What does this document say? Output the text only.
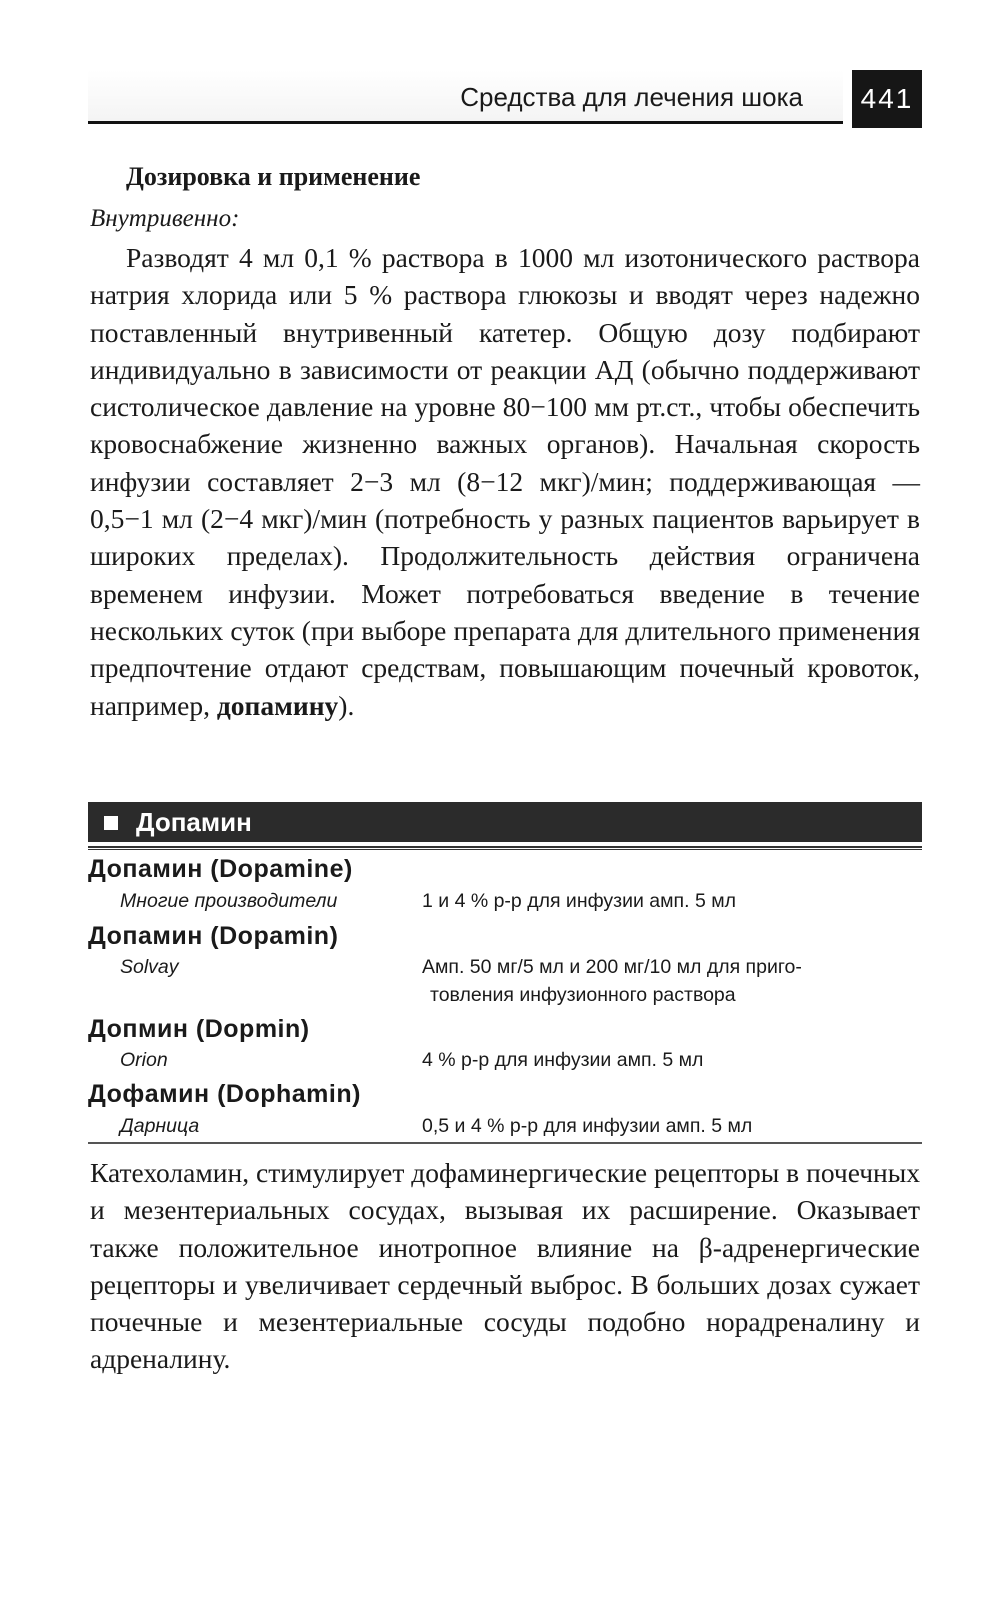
Средства для лечения шока	441
Дозировка и применение
Внутривенно:

Разводят 4 мл 0,1 % раствора в 1000 мл изотонического раствора натрия хлорида или 5 % раствора глюкозы и вводят через надежно поставленный внутривенный катетер. Общую дозу подбирают индивидуально в зависимости от реакции АД (обычно поддерживают систолическое давление на уровне 80−100 мм рт.ст., чтобы обеспечить кровоснабжение жизненно важных органов). Начальная скорость инфузии составляет 2−3 мл (8−12 мкг)/мин; поддерживающая — 0,5−1 мл (2−4 мкг)/мин (потребность у разных пациентов варьирует в широких пределах). Продолжительность действия ограничена временем инфузии. Может потребоваться введение в течение нескольких суток (при выборе препарата для длительного применения предпочтение отдают средствам, повышающим почечный кровоток, например, допамину).

Допамин
Допамин (Dopamine)
Многие производители	1 и 4 % р-р для инфузии амп. 5 мл
Допамин (Dopamin)
Solvay	Амп. 50 мг/5 мл и 200 мг/10 мл для приго-
товления инфузионного раствора
Допмин (Dopmin)
Orion	4 % р-р для инфузии амп. 5 мл
Дофамин (Dophamin)
Дарница	0,5 и 4 % р-р для инфузии амп. 5 мл

Катехоламин, стимулирует дофаминергические рецепторы в почечных и мезентериальных сосудах, вызывая их расширение. Оказывает также положительное инотропное влияние на β-адренергические рецепторы и увеличивает сердечный выброс. В больших дозах сужает почечные и мезентериальные сосуды подобно норадреналину и адреналину.
